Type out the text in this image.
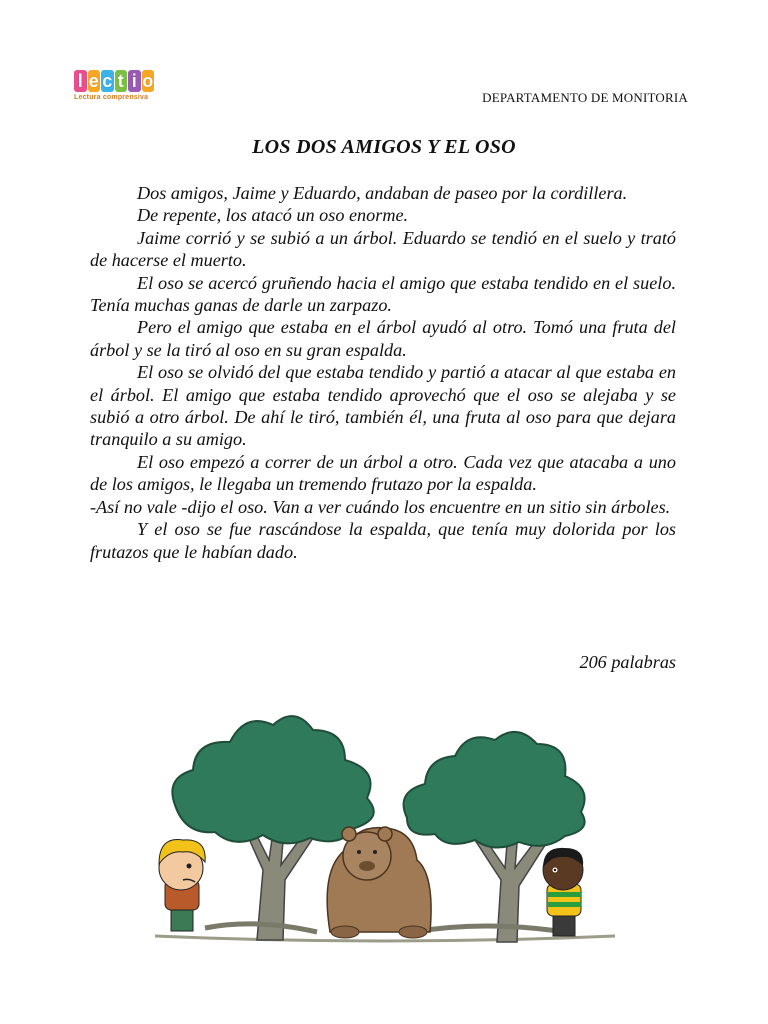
l e c t i o
Lectura comprensiva	DEPARTAMENTO DE MONITORIA
LOS DOS AMIGOS Y EL OSO

Dos amigos, Jaime y Eduardo, andaban de paseo por la cordillera.

De repente, los atacó un oso enorme.

Jaime corrió y se subió a un árbol. Eduardo se tendió en el suelo y trató de hacerse el muerto.

El oso se acercó gruñendo hacia el amigo que estaba tendido en el suelo. Tenía muchas ganas de darle un zarpazo.

Pero el amigo que estaba en el árbol ayudó al otro. Tomó una fruta del árbol y se la tiró al oso en su gran espalda.

El oso se olvidó del que estaba tendido y partió a atacar al que estaba en el árbol. El amigo que estaba tendido aprovechó que el oso se alejaba y se subió a otro árbol. De ahí le tiró, también él, una fruta al oso para que dejara tranquilo a su amigo.

El oso empezó a correr de un árbol a otro. Cada vez que atacaba a uno de los amigos, le llegaba un tremendo frutazo por la espalda.

-Así no vale -dijo el oso. Van a ver cuándo los encuentre en un sitio sin árboles.

Y el oso se fue rascándose la espalda, que tenía muy dolorida por los frutazos que le habían dado.

206 palabras
